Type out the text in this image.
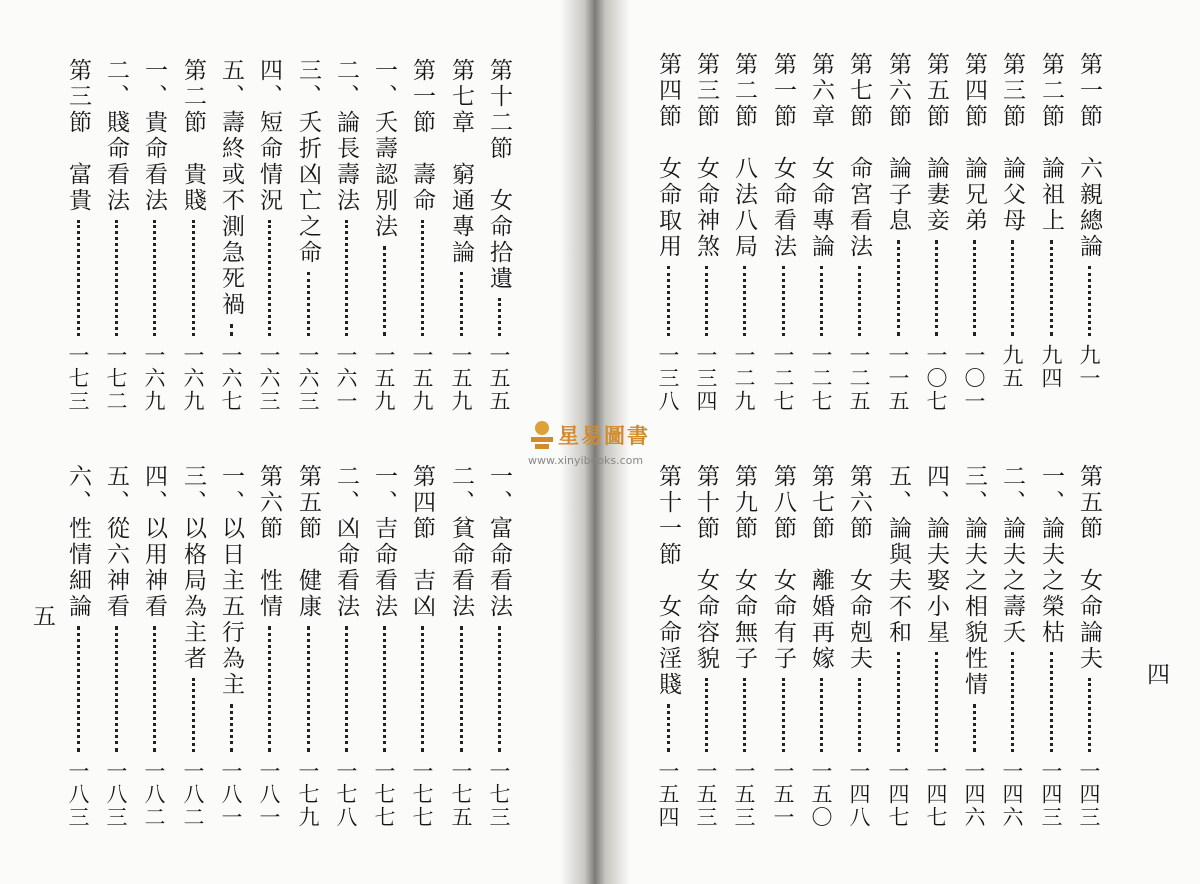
五
第十二節　女命拾遺
一五五
第七章　窮通專論
一五九
第一節　壽命
一五九
一、夭壽認別法
一五九
二、論長壽法
一六一
三、夭折凶亡之命
一六三
四、短命情況
一六三
五、壽終或不測急死禍
一六七
第二節　貴賤
一六九
一、貴命看法
一六九
二、賤命看法
一七二
第三節　富貴
一七三
一、富命看法
一七三
二、貧命看法
一七五
第四節　吉凶
一七七
一、吉命看法
一七七
二、凶命看法
一七八
第五節　健康
一七九
第六節　性情
一八一
一、以日主五行為主
一八一
三、以格局為主者
一八二
四、以用神看
一八二
五、從六神看
一八三
六、性情細論
一八三
四
第一節　六親總論
九一
第二節　論祖上
九四
第三節　論父母
九五
第四節　論兄弟
一〇一
第五節　論妻妾
一〇七
第六節　論子息
一一五
第七節　命宮看法
一二五
第六章　女命專論
一二七
第一節　女命看法
一二七
第二節　八法八局
一二九
第三節　女命神煞
一三四
第四節　女命取用
一三八
第五節　女命論夫
一四三
一、論夫之榮枯
一四三
二、論夫之壽夭
一四六
三、論夫之相貌性情
一四六
四、論夫娶小星
一四七
五、論與夫不和
一四七
第六節　女命剋夫
一四八
第七節　離婚再嫁
一五〇
第八節　女命有子
一五一
第九節　女命無子
一五三
第十節　女命容貌
一五三
第十一節　女命淫賤
一五四
星易圖書
www.xinyibooks.com
